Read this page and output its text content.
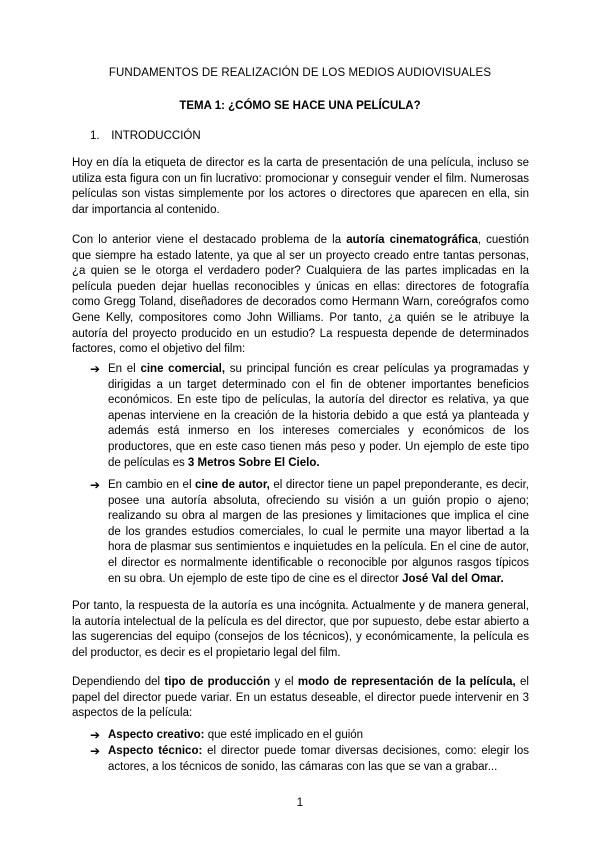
FUNDAMENTOS DE REALIZACIÓN DE LOS MEDIOS AUDIOVISUALES
TEMA 1: ¿CÓMO SE HACE UNA PELÍCULA?
1. INTRODUCCIÓN

Hoy en día la etiqueta de director es la carta de presentación de una película, incluso se utiliza esta figura con un fin lucrativo: promocionar y conseguir vender el film. Numerosas películas son vistas simplemente por los actores o directores que aparecen en ella, sin dar importancia al contenido.

Con lo anterior viene el destacado problema de la autoría cinematográfica, cuestión que siempre ha estado latente, ya que al ser un proyecto creado entre tantas personas,¿a quien se le otorga el verdadero poder? Cualquiera de las partes implicadas en la película pueden dejar huellas reconocibles y únicas en ellas: directores de fotografía como Gregg Toland, diseñadores de decorados como Hermann Warn, coreógrafos como Gene Kelly, compositores como John Williams. Por tanto, ¿a quién se le atribuye la autoría del proyecto producido en un estudio? La respuesta depende de determinados factores, como el objetivo del film:

➔ En el cine comercial, su principal función es crear películas ya programadas y dirigidas a un target determinado con el fin de obtener importantes beneficios económicos. En este tipo de películas, la autoría del director es relativa, ya que apenas interviene en la creación de la historia debido a que está ya planteada y además está inmerso en los intereses comerciales y económicos de los productores, que en este caso tienen más peso y poder. Un ejemplo de este tipo de películas es 3 Metros Sobre El Cielo.
➔ En cambio en el cine de autor, el director tiene un papel preponderante, es decir, posee una autoría absoluta, ofreciendo su visión a un guión propio o ajeno; realizando su obra al margen de las presiones y limitaciones que implica el cine de los grandes estudios comerciales, lo cual le permite una mayor libertad a la hora de plasmar sus sentimientos e inquietudes en la película. En el cine de autor, el director es normalmente identificable o reconocible por algunos rasgos típicos en su obra. Un ejemplo de este tipo de cine es el director José Val del Omar.

Por tanto, la respuesta de la autoría es una incógnita. Actualmente y de manera general, la autoría intelectual de la película es del director, que por supuesto, debe estar abierto a las sugerencias del equipo (consejos de los técnicos), y económicamente, la película es del productor, es decir es el propietario legal del film.

Dependiendo del tipo de producción y el modo de representación de la película, el papel del director puede variar. En un estatus deseable, el director puede intervenir en 3 aspectos de la película:

➔ Aspecto creativo: que esté implicado en el guión
➔ Aspecto técnico: el director puede tomar diversas decisiones, como: elegir los actores, a los técnicos de sonido, las cámaras con las que se van a grabar...
1
